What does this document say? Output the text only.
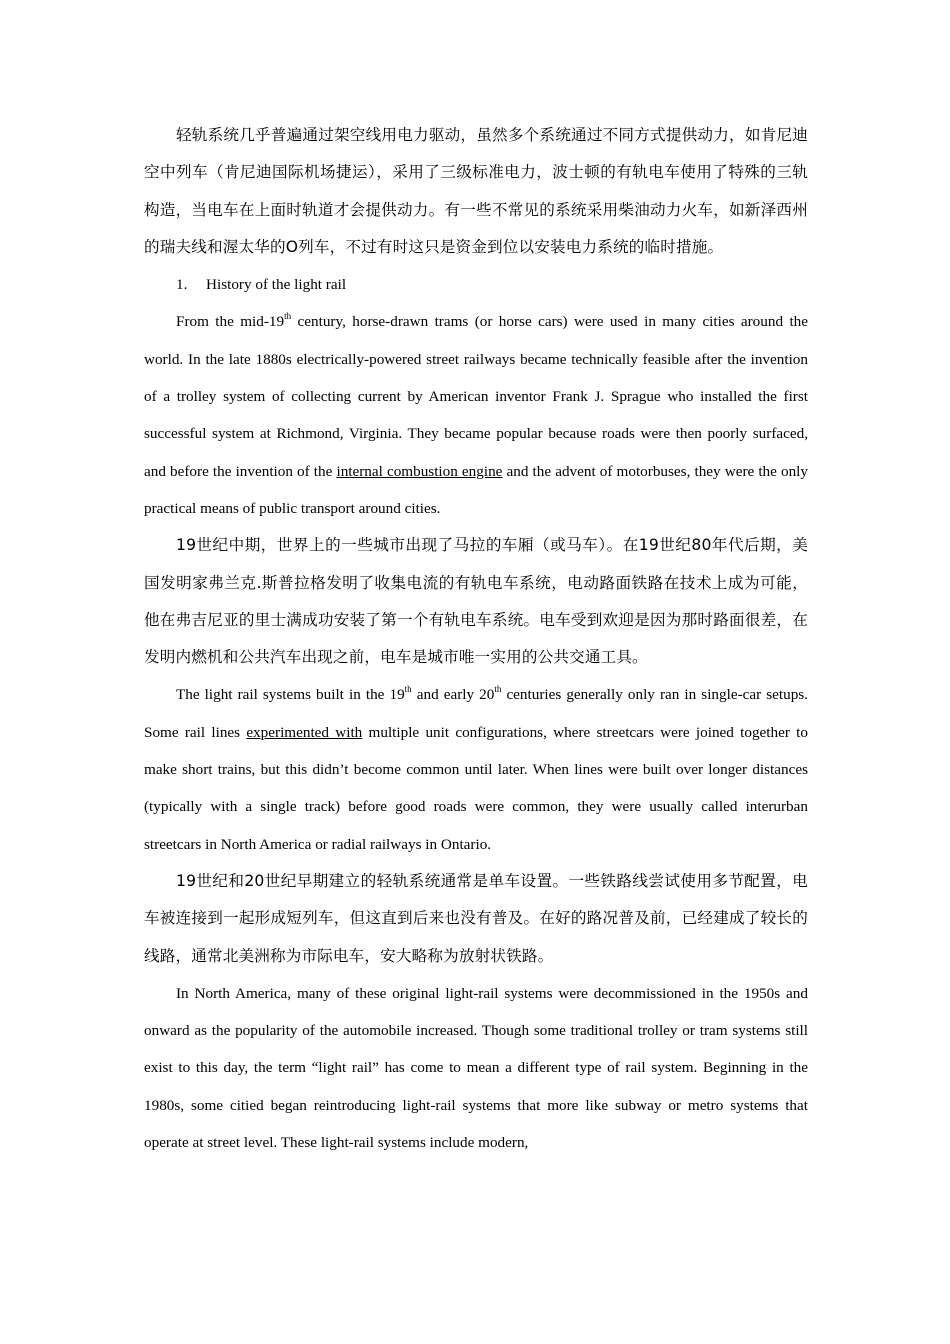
轻轨系统几乎普遍通过架空线用电力驱动，虽然多个系统通过不同方式提供动力，如肯尼迪空中列车（肯尼迪国际机场捷运），采用了三级标准电力，波士顿的有轨电车使用了特殊的三轨构造，当电车在上面时轨道才会提供动力。有一些不常见的系统采用柴油动力火车，如新泽西州的瑞夫线和渥太华的O列车，不过有时这只是资金到位以安装电力系统的临时措施。

1. History of the light rail

From the mid-19th century, horse-drawn trams (or horse cars) were used in many cities around the world. In the late 1880s electrically-powered street railways became technically feasible after the invention of a trolley system of collecting current by American inventor Frank J. Sprague who installed the first successful system at Richmond, Virginia. They became popular because roads were then poorly surfaced, and before the invention of the internal combustion engine and the advent of motorbuses, they were the only practical means of public transport around cities.

19世纪中期，世界上的一些城市出现了马拉的车厢（或马车）。在19世纪80年代后期，美国发明家弗兰克.斯普拉格发明了收集电流的有轨电车系统，电动路面铁路在技术上成为可能，他在弗吉尼亚的里士满成功安装了第一个有轨电车系统。电车受到欢迎是因为那时路面很差，在发明内燃机和公共汽车出现之前，电车是城市唯一实用的公共交通工具。

The light rail systems built in the 19th and early 20th centuries generally only ran in single-car setups. Some rail lines experimented with multiple unit configurations, where streetcars were joined together to make short trains, but this didn’t become common until later. When lines were built over longer distances (typically with a single track) before good roads were common, they were usually called interurban streetcars in North America or radial railways in Ontario.

19世纪和20世纪早期建立的轻轨系统通常是单车设置。一些铁路线尝试使用多节配置，电车被连接到一起形成短列车，但这直到后来也没有普及。在好的路况普及前，已经建成了较长的线路，通常北美洲称为市际电车，安大略称为放射状铁路。

In North America, many of these original light-rail systems were decommissioned in the 1950s and onward as the popularity of the automobile increased. Though some traditional trolley or tram systems still exist to this day, the term “light rail” has come to mean a different type of rail system. Beginning in the 1980s, some citied began reintroducing light-rail systems that more like subway or metro systems that operate at street level. These light-rail systems include modern,
